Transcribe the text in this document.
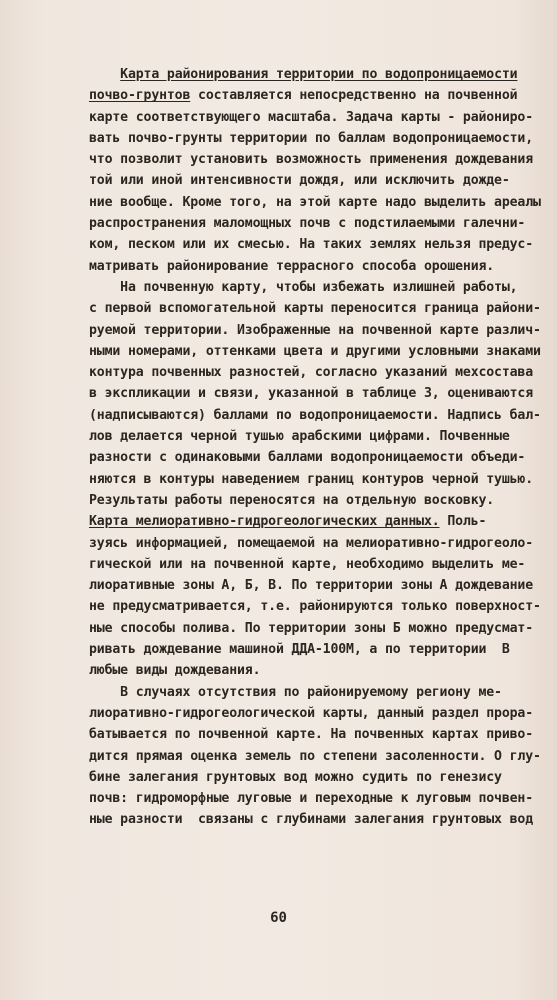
Карта районирования территории по водопроницаемости
почво-грунтов составляется непосредственно на почвенной
карте соответствующего масштаба. Задача карты - райониро-
вать почво-грунты территории по баллам водопроницаемости,
что позволит установить возможность применения дождевания
той или иной интенсивности дождя, или исключить дожде-
ние вообще. Кроме того, на этой карте надо выделить ареалы
распространения маломощных почв с подстилаемыми галечни-
ком, песком или их смесью. На таких землях нельзя предус-
матривать районирование террасного способа орошения.
На почвенную карту, чтобы избежать излишней работы,
с первой вспомогательной карты переносится граница райони-
руемой территории. Изображенные на почвенной карте различ-
ными номерами, оттенками цвета и другими условными знаками
контура почвенных разностей, согласно указаний мехсостава
в экспликации и связи, указанной в таблице 3, оцениваются
(надписываются) баллами по водопроницаемости. Надпись бал-
лов делается черной тушью арабскими цифрами. Почвенные
разности с одинаковыми баллами водопроницаемости объеди-
няются в контуры наведением границ контуров черной тушью.
Результаты работы переносятся на отдельную восковку.
Карта мелиоративно-гидрогеологических данных. Поль-
зуясь информацией, помещаемой на мелиоративно-гидрогеоло-
гической или на почвенной карте, необходимо выделить ме-
лиоративные зоны А, Б, В. По территории зоны А дождевание
не предусматривается, т.е. районируются только поверхност-
ные способы полива. По территории зоны Б можно предусмат-
ривать дождевание машиной ДДА-100М, а по территории  В
любые виды дождевания.
В случаях отсутствия по районируемому региону ме-
лиоративно-гидрогеологической карты, данный раздел прора-
батывается по почвенной карте. На почвенных картах приво-
дится прямая оценка земель по степени засоленности. О глу-
бине залегания грунтовых вод можно судить по генезису
почв: гидроморфные луговые и переходные к луговым почвен-
ные разности  связаны с глубинами залегания грунтовых вод
60
